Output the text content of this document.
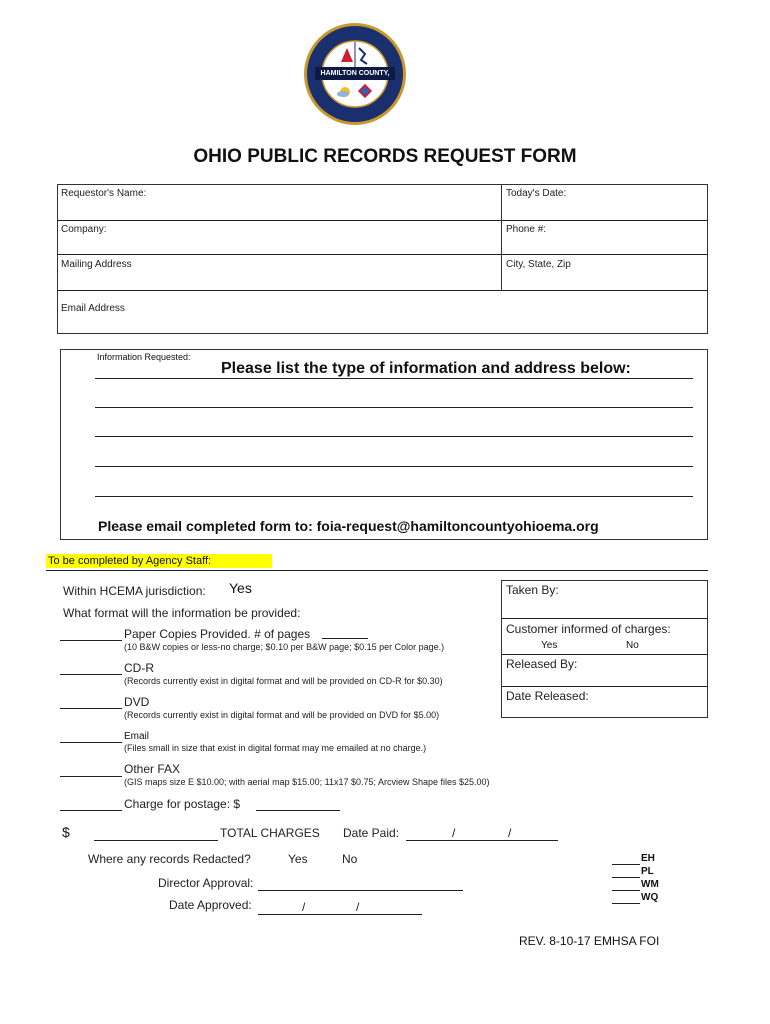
HAMILTON COUNTY, OH
OHIO PUBLIC RECORDS REQUEST FORM
Requestor's Name:	Today's Date:
Company:	Phone #:
Mailing Address	City, State, Zip
Email Address
Information Requested:
Please list the type of information and address below:
Please email completed form to: foia-request@hamiltoncountyohioema.org
To be completed by Agency Staff:
Within HCEMA jurisdiction: Yes
What format will the information be provided:
Paper Copies Provided. # of pages
(10 B&W copies or less-no charge; $0.10 per B&W page; $0.15 per Color page.)
CD-R
(Records currently exist in digital format and will be provided on CD-R for $0.30)
DVD
(Records currently exist in digital format and will be provided on DVD for $5.00)
Email
(Files small in size that exist in digital format may me emailed at no charge.)
Other FAX
(GIS maps size E $10.00; with aerial map $15.00; 11x17 $0.75; Arcview Shape files $25.00)
Charge for postage: $
$	TOTAL CHARGES Date Paid:	/	/
Where any records Redacted?	Yes	No
Director Approval:
Date Approved:	/	/
Taken By:
Customer informed of charges:
Yes	No
Released By:
Date Released:
EH
PL
WM
WQ
REV. 8-10-17 EMHSA FOI
